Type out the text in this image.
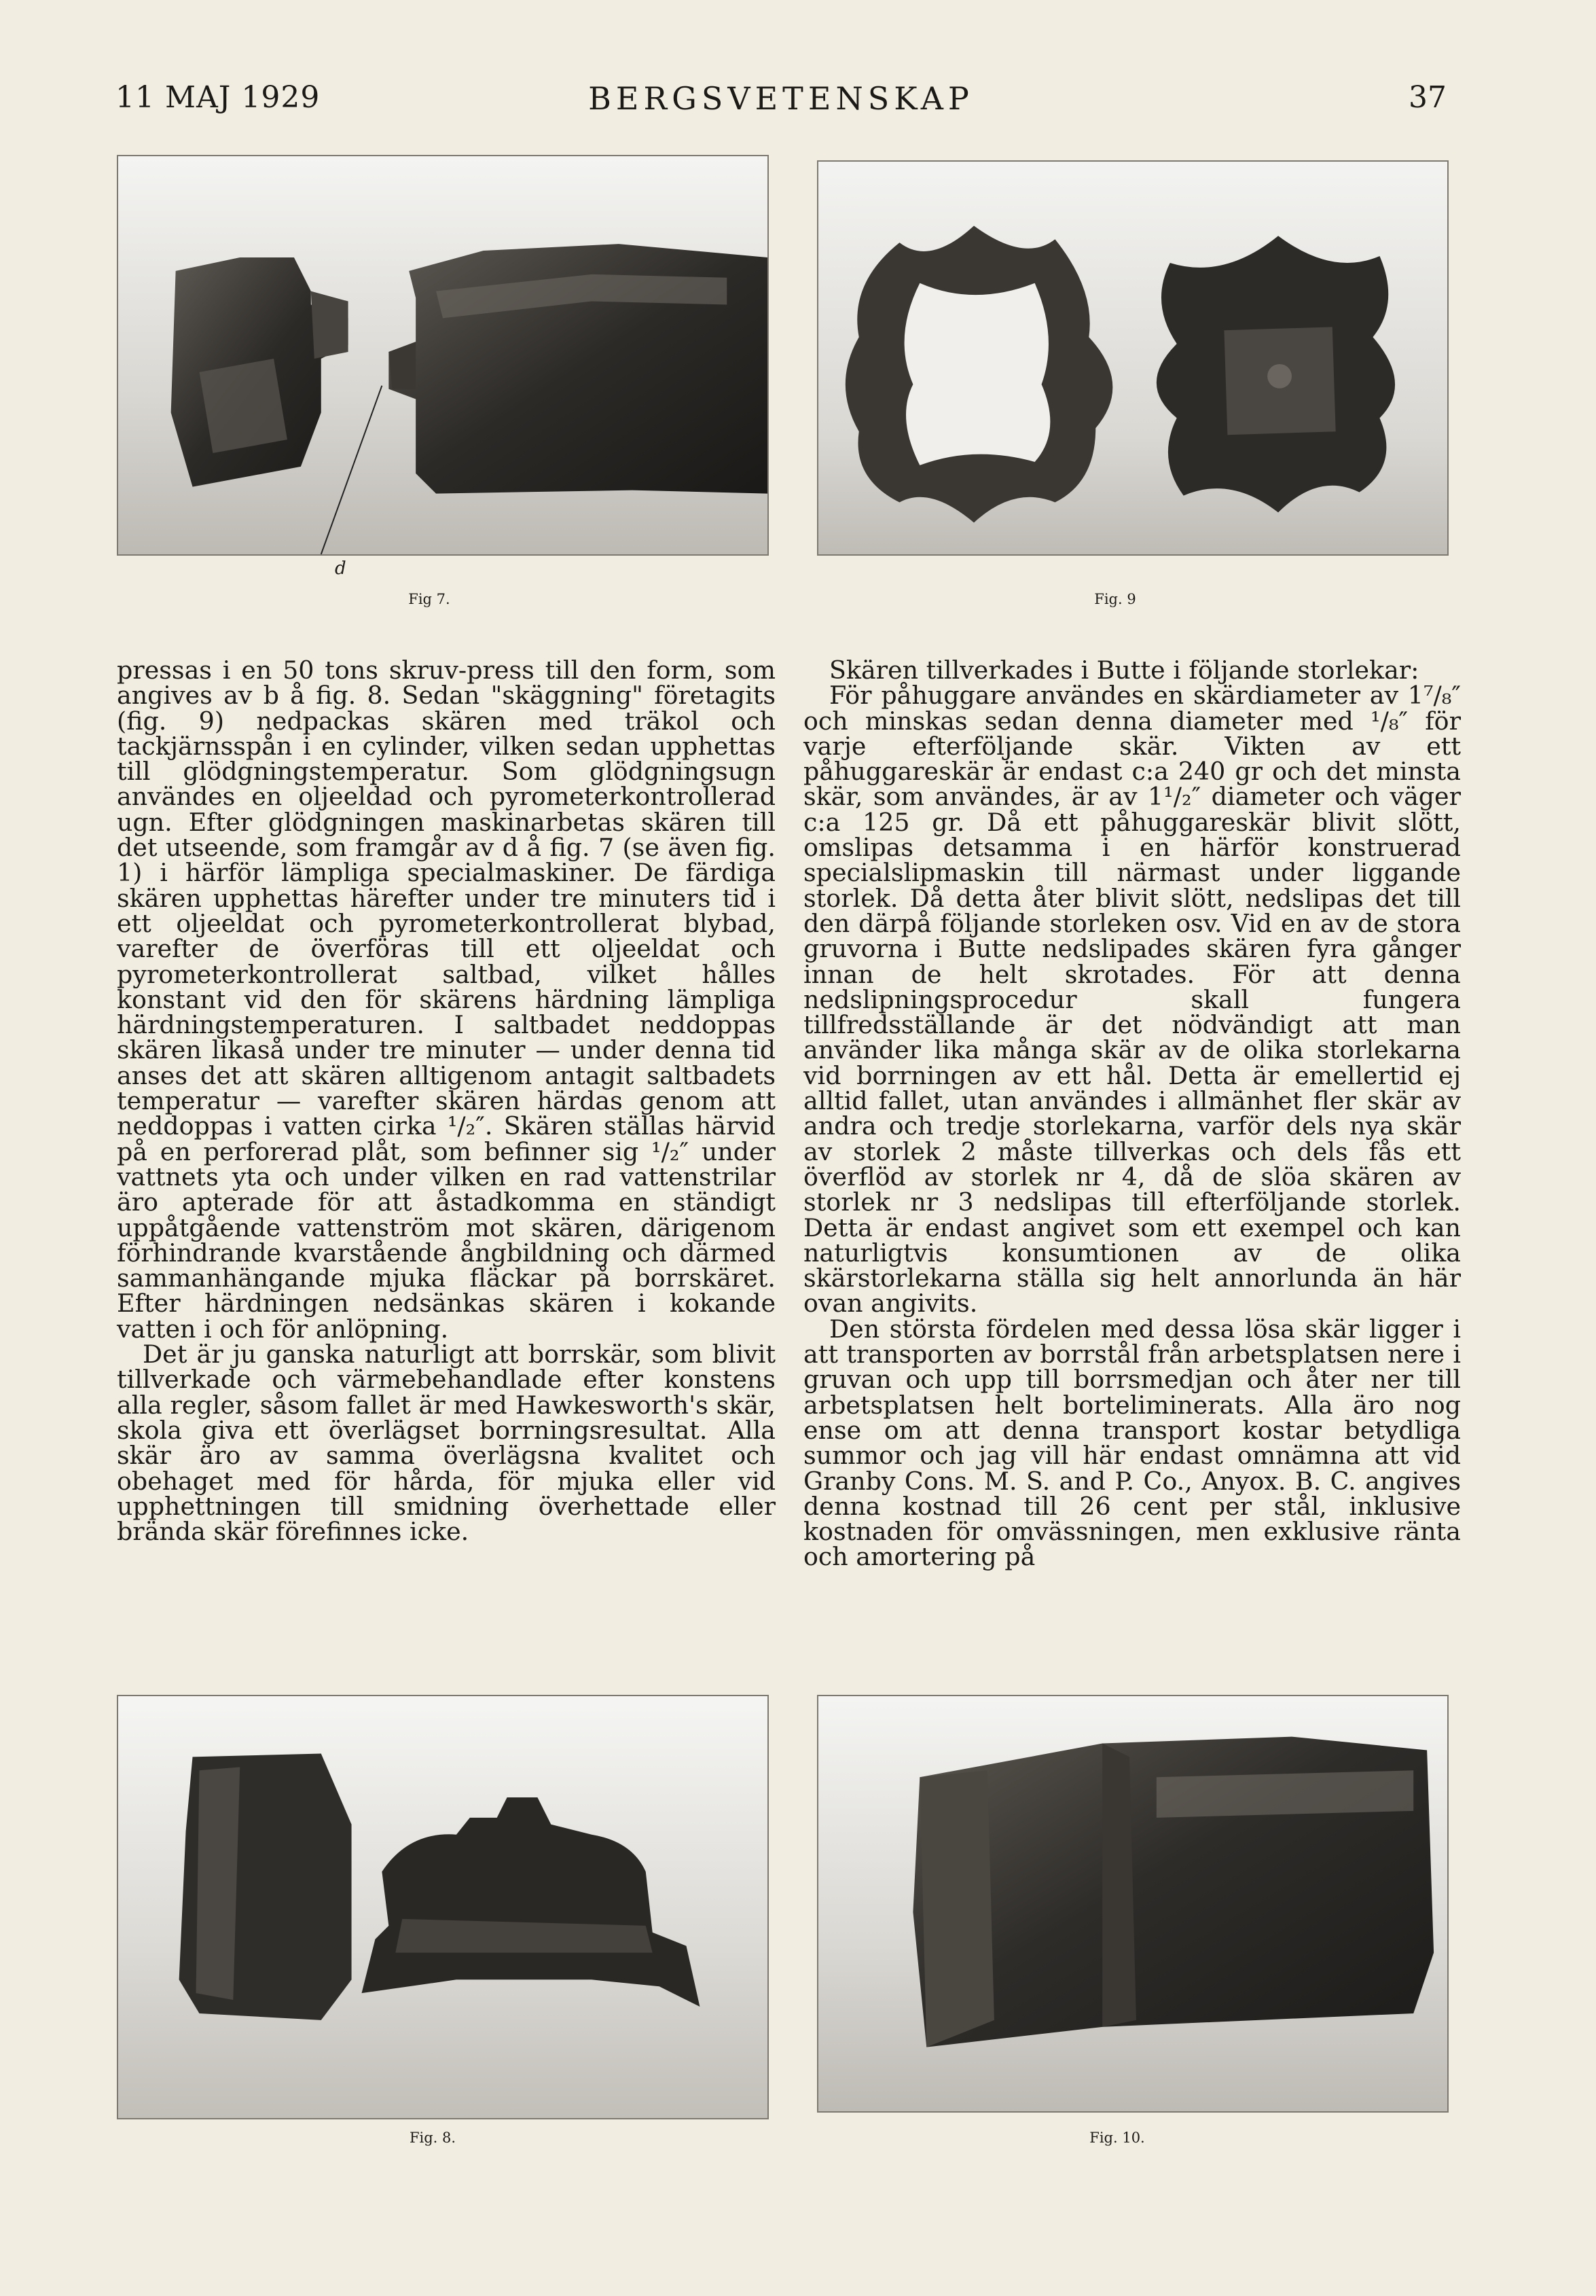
11 MAJ 1929	BERGSVETENSKAP	37
d
Fig 7.	Fig. 9

pressas i en 50 tons skruv-press till den form, som angives av b å fig. 8. Sedan "skäggning" företagits (fig. 9) nedpackas skären med träkol och tackjärnsspån i en cylinder, vilken sedan upphettas till glödgningstemperatur. Som glödgningsugn användes en oljeeldad och pyrometerkontrollerad ugn. Efter glödgningen maskinarbetas skären till det utseende, som framgår av d å fig. 7 (se även fig. 1) i härför lämpliga specialmaskiner. De färdiga skären upphettas härefter under tre minuters tid i ett oljeeldat och pyrometerkontrollerat blybad, varefter de överföras till ett oljeeldat och pyrometerkontrollerat saltbad, vilket hålles konstant vid den för skärens härdning lämpliga härdningstemperaturen. I saltbadet neddoppas skären likaså under tre minuter — under denna tid anses det att skären alltigenom antagit saltbadets temperatur — varefter skären härdas genom att neddoppas i vatten cirka ¹/₂″. Skären ställas härvid på en perforerad plåt, som befinner sig ¹/₂″ under vattnets yta och under vilken en rad vattenstrilar äro apterade för att åstadkomma en ständigt uppåtgående vattenström mot skären, därigenom förhindrande kvarstående ångbildning och därmed sammanhängande mjuka fläckar på borrskäret. Efter härdningen nedsänkas skären i kokande vatten i och för anlöpning.

Det är ju ganska naturligt att borrskär, som blivit tillverkade och värmebehandlade efter konstens alla regler, såsom fallet är med Hawkesworth's skär, skola giva ett överlägset borrningsresultat. Alla skär äro av samma överlägsna kvalitet och obehaget med för hårda, för mjuka eller vid upphettningen till smidning överhettade eller brända skär förefinnes icke.

Skären tillverkades i Butte i följande storlekar:

För påhuggare användes en skärdiameter av 1⁷/₈″ och minskas sedan denna diameter med ¹/₈″ för varje efterföljande skär. Vikten av ett påhuggareskär är endast c:a 240 gr och det minsta skär, som användes, är av 1¹/₂″ diameter och väger c:a 125 gr. Då ett påhuggareskär blivit slött, omslipas detsamma i en härför konstruerad specialslipmaskin till närmast under liggande storlek. Då detta åter blivit slött, nedslipas det till den därpå följande storleken osv. Vid en av de stora gruvorna i Butte nedslipades skären fyra gånger innan de helt skrotades. För att denna nedslipningsprocedur skall fungera tillfredsställande är det nödvändigt att man använder lika många skär av de olika storlekarna vid borrningen av ett hål. Detta är emellertid ej alltid fallet, utan användes i allmänhet fler skär av andra och tredje storlekarna, varför dels nya skär av storlek 2 måste tillverkas och dels fås ett överflöd av storlek nr 4, då de slöa skären av storlek nr 3 nedslipas till efterföljande storlek. Detta är endast angivet som ett exempel och kan naturligtvis konsumtionen av de olika skärstorlekarna ställa sig helt annorlunda än här ovan angivits.

Den största fördelen med dessa lösa skär ligger i att transporten av borrstål från arbetsplatsen nere i gruvan och upp till borrsmedjan och åter ner till arbetsplatsen helt borteliminerats. Alla äro nog ense om att denna transport kostar betydliga summor och jag vill här endast omnämna att vid Granby Cons. M. S. and P. Co., Anyox. B. C. angives denna kostnad till 26 cent per stål, inklusive kostnaden för omvässningen, men exklusive ränta och amortering på

Fig. 8.	Fig. 10.
